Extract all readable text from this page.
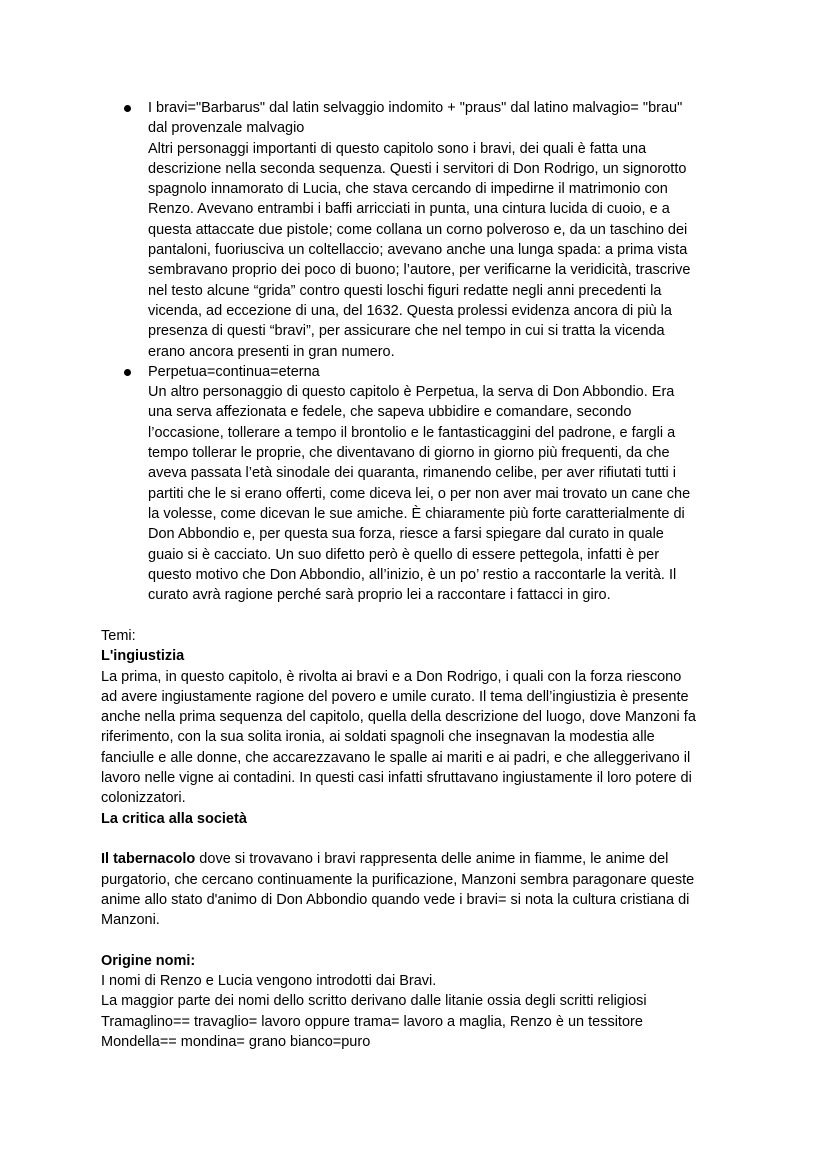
I bravi="Barbarus" dal latin selvaggio indomito + "praus" dal latino malvagio= "brau"
dal provenzale malvagio
Altri personaggi importanti di questo capitolo sono i bravi, dei quali è fatta una
descrizione nella seconda sequenza. Questi i servitori di Don Rodrigo, un signorotto
spagnolo innamorato di Lucia, che stava cercando di impedirne il matrimonio con
Renzo. Avevano entrambi i baffi arricciati in punta, una cintura lucida di cuoio, e a
questa attaccate due pistole; come collana un corno polveroso e, da un taschino dei
pantaloni, fuoriusciva un coltellaccio; avevano anche una lunga spada: a prima vista
sembravano proprio dei poco di buono; l’autore, per verificarne la veridicità, trascrive
nel testo alcune “grida” contro questi loschi figuri redatte negli anni precedenti la
vicenda, ad eccezione di una, del 1632. Questa prolessi evidenza ancora di più la
presenza di questi “bravi”, per assicurare che nel tempo in cui si tratta la vicenda
erano ancora presenti in gran numero.
Perpetua=continua=eterna
Un altro personaggio di questo capitolo è Perpetua, la serva di Don Abbondio. Era
una serva affezionata e fedele, che sapeva ubbidire e comandare, secondo
l’occasione, tollerare a tempo il brontolio e le fantasticaggini del padrone, e fargli a
tempo tollerar le proprie, che diventavano di giorno in giorno più frequenti, da che
aveva passata l’età sinodale dei quaranta, rimanendo celibe, per aver rifiutati tutti i
partiti che le si erano offerti, come diceva lei, o per non aver mai trovato un cane che
la volesse, come dicevan le sue amiche. È chiaramente più forte caratterialmente di
Don Abbondio e, per questa sua forza, riesce a farsi spiegare dal curato in quale
guaio si è cacciato. Un suo difetto però è quello di essere pettegola, infatti è per
questo motivo che Don Abbondio, all’inizio, è un po’ restio a raccontarle la verità. Il
curato avrà ragione perché sarà proprio lei a raccontare i fattacci in giro.
Temi:
L'ingiustizia
La prima, in questo capitolo, è rivolta ai bravi e a Don Rodrigo, i quali con la forza riescono
ad avere ingiustamente ragione del povero e umile curato. Il tema dell’ingiustizia è presente
anche nella prima sequenza del capitolo, quella della descrizione del luogo, dove Manzoni fa
riferimento, con la sua solita ironia, ai soldati spagnoli che insegnavan la modestia alle
fanciulle e alle donne, che accarezzavano le spalle ai mariti e ai padri, e che alleggerivano il
lavoro nelle vigne ai contadini. In questi casi infatti sfruttavano ingiustamente il loro potere di
colonizzatori.
La critica alla società
Il tabernacolo dove si trovavano i bravi rappresenta delle anime in fiamme, le anime del
purgatorio, che cercano continuamente la purificazione, Manzoni sembra paragonare queste
anime allo stato d'animo di Don Abbondio quando vede i bravi= si nota la cultura cristiana di
Manzoni.
Origine nomi:
I nomi di Renzo e Lucia vengono introdotti dai Bravi.
La maggior parte dei nomi dello scritto derivano dalle litanie ossia degli scritti religiosi
Tramaglino== travaglio= lavoro oppure trama= lavoro a maglia, Renzo è un tessitore
Mondella== mondina= grano bianco=puro
